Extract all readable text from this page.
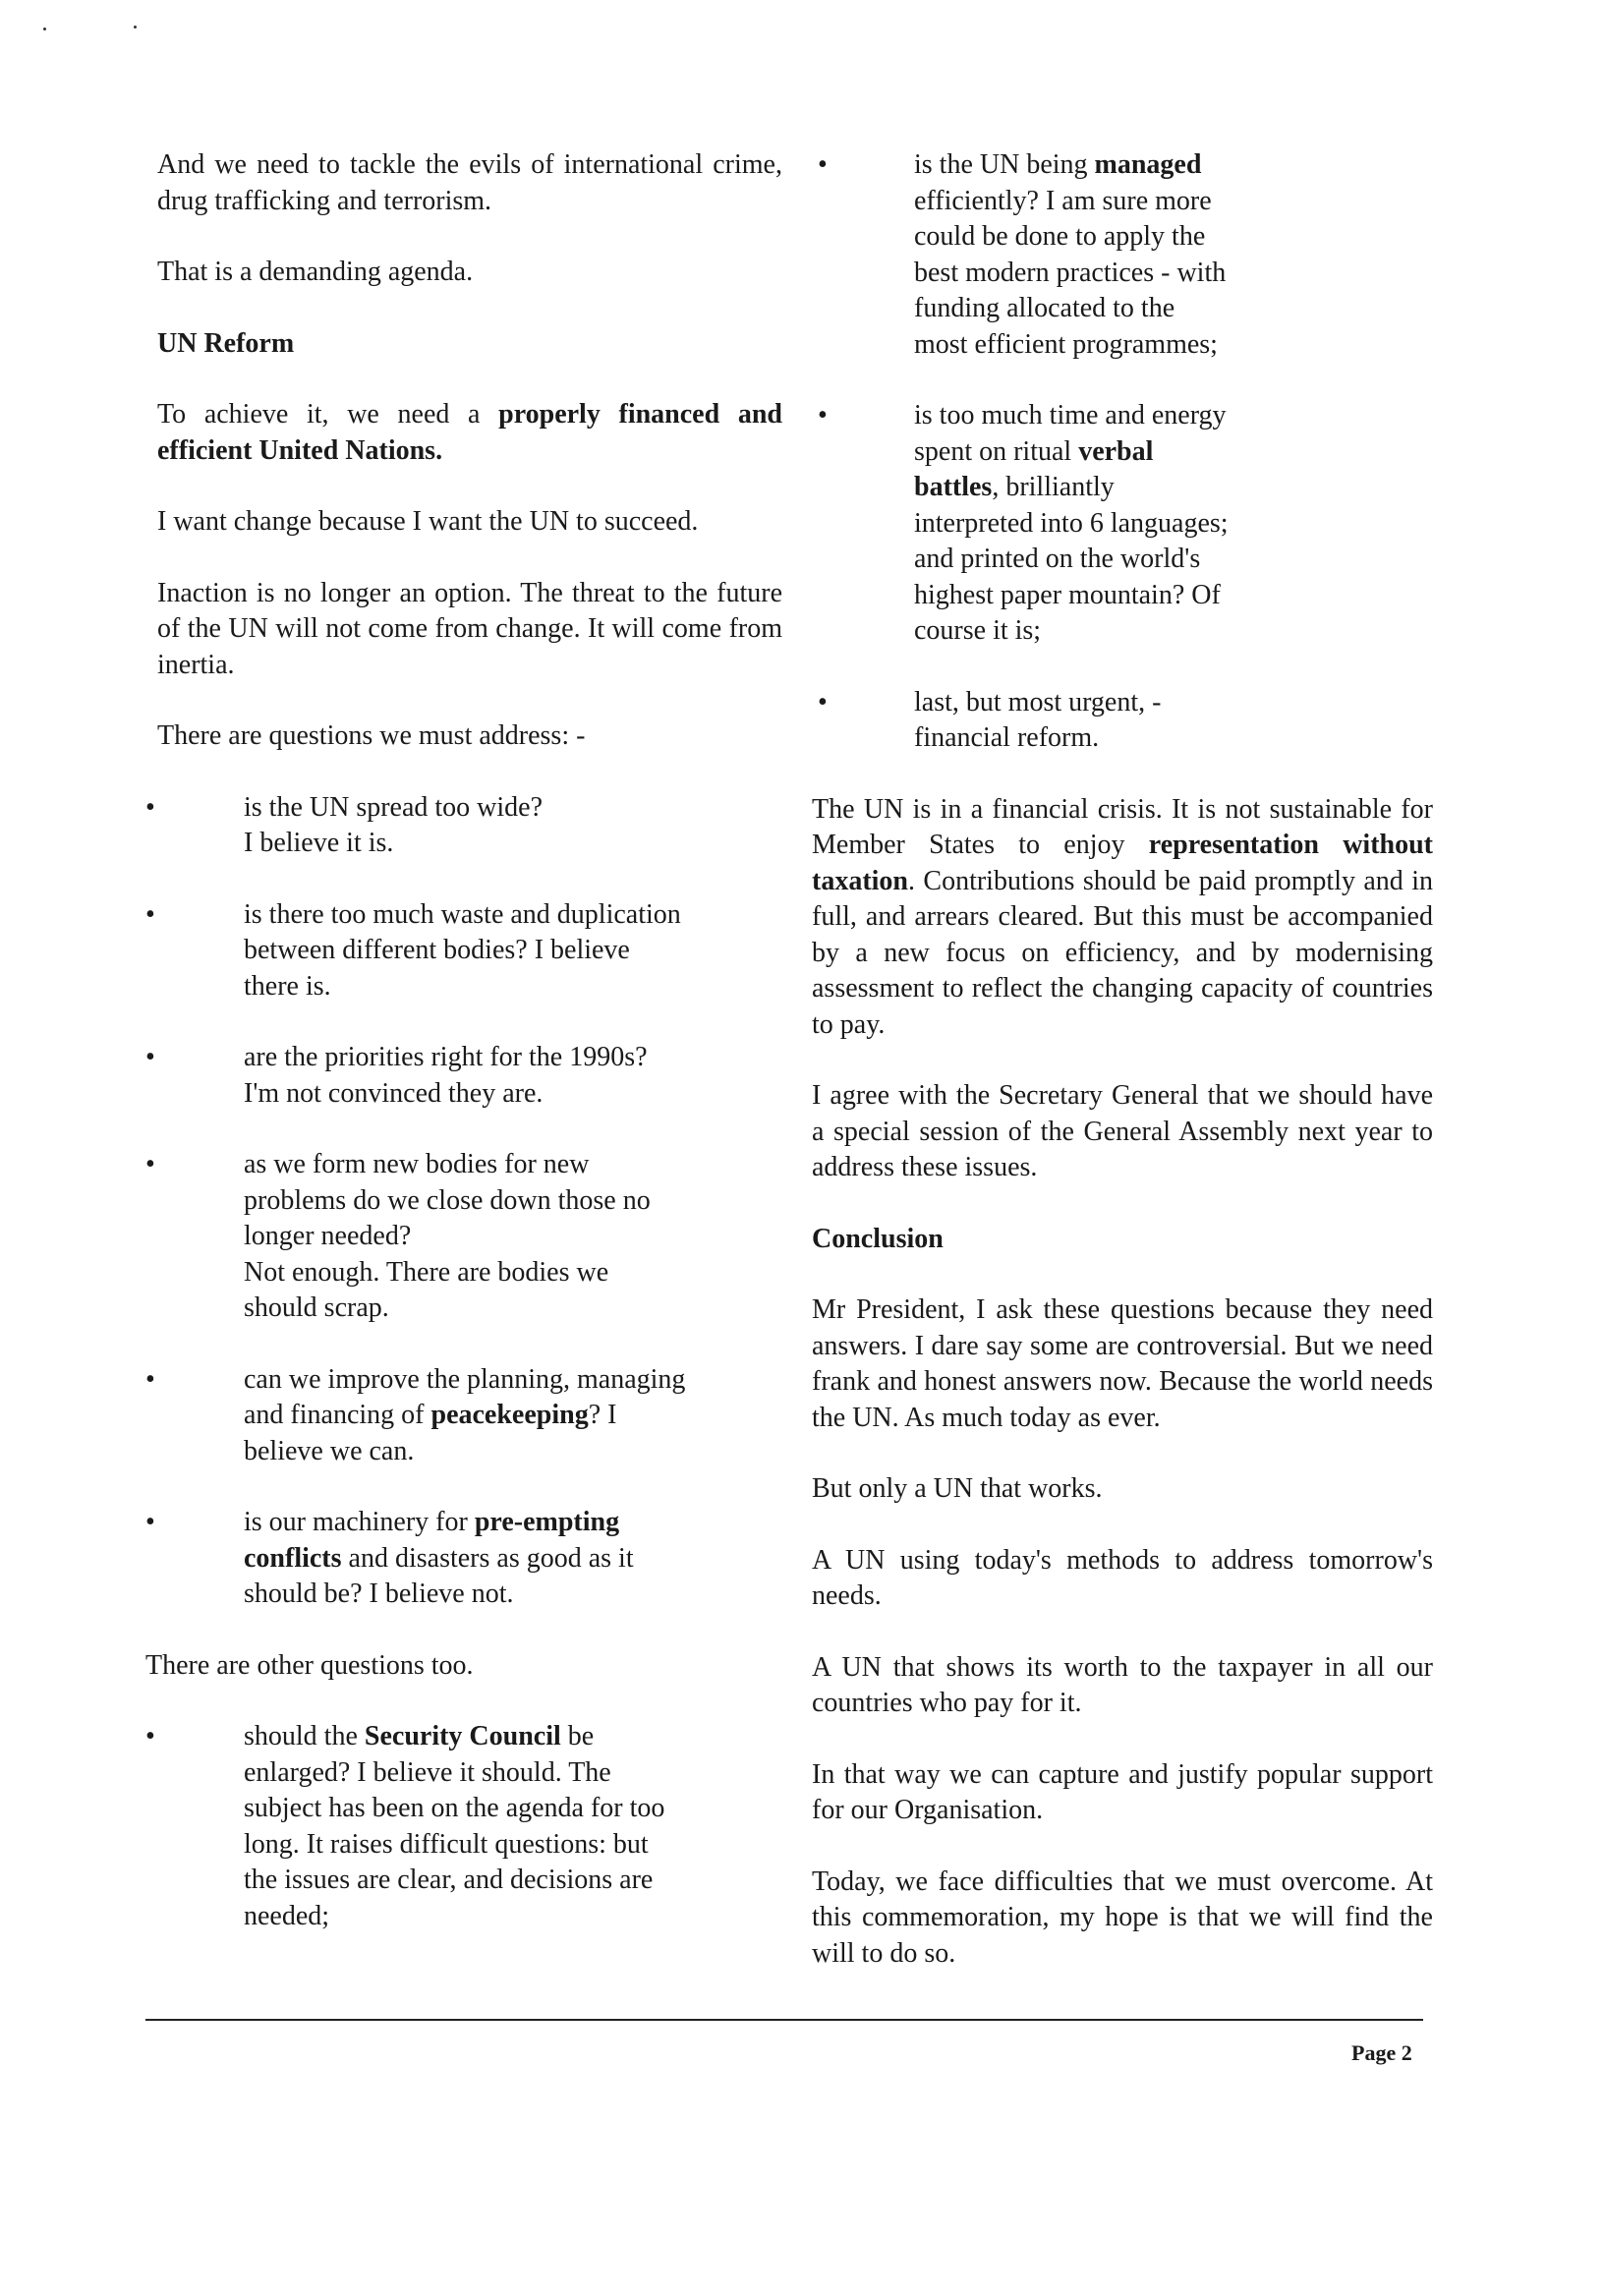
And we need to tackle the evils of international crime, drug trafficking and terrorism.

That is a demanding agenda.

UN Reform

To achieve it, we need a properly financed and efficient United Nations.

I want change because I want the UN to succeed.

Inaction is no longer an option. The threat to the future of the UN will not come from change. It will come from inertia.

There are questions we must address: -

•	is the UN spread too wide?
I believe it is.
•	is there too much waste and duplication between different bodies? I believe there is.
•	are the priorities right for the 1990s? I'm not convinced they are.
•	as we form new bodies for new problems do we close down those no longer needed?
Not enough. There are bodies we should scrap.
•	can we improve the planning, managing and financing of peacekeeping? I believe we can.
•	is our machinery for pre-empting conflicts and disasters as good as it should be? I believe not.

There are other questions too.

•	should the Security Council be enlarged? I believe it should. The subject has been on the agenda for too long. It raises difficult questions: but the issues are clear, and decisions are needed;
•	is the UN being managed efficiently? I am sure more could be done to apply the best modern practices - with funding allocated to the most efficient programmes;
•	is too much time and energy spent on ritual verbal battles, brilliantly interpreted into 6 languages; and printed on the world's highest paper mountain? Of course it is;
•	last, but most urgent, - financial reform.

The UN is in a financial crisis. It is not sustainable for Member States to enjoy representation without taxation. Contributions should be paid promptly and in full, and arrears cleared. But this must be accompanied by a new focus on efficiency, and by modernising assessment to reflect the changing capacity of countries to pay.

I agree with the Secretary General that we should have a special session of the General Assembly next year to address these issues.

Conclusion

Mr President, I ask these questions because they need answers. I dare say some are controversial. But we need frank and honest answers now. Because the world needs the UN. As much today as ever.

But only a UN that works.

A UN using today's methods to address tomorrow's needs.

A UN that shows its worth to the taxpayer in all our countries who pay for it.

In that way we can capture and justify popular support for our Organisation.

Today, we face difficulties that we must overcome. At this commemoration, my hope is that we will find the will to do so.

Page 2
